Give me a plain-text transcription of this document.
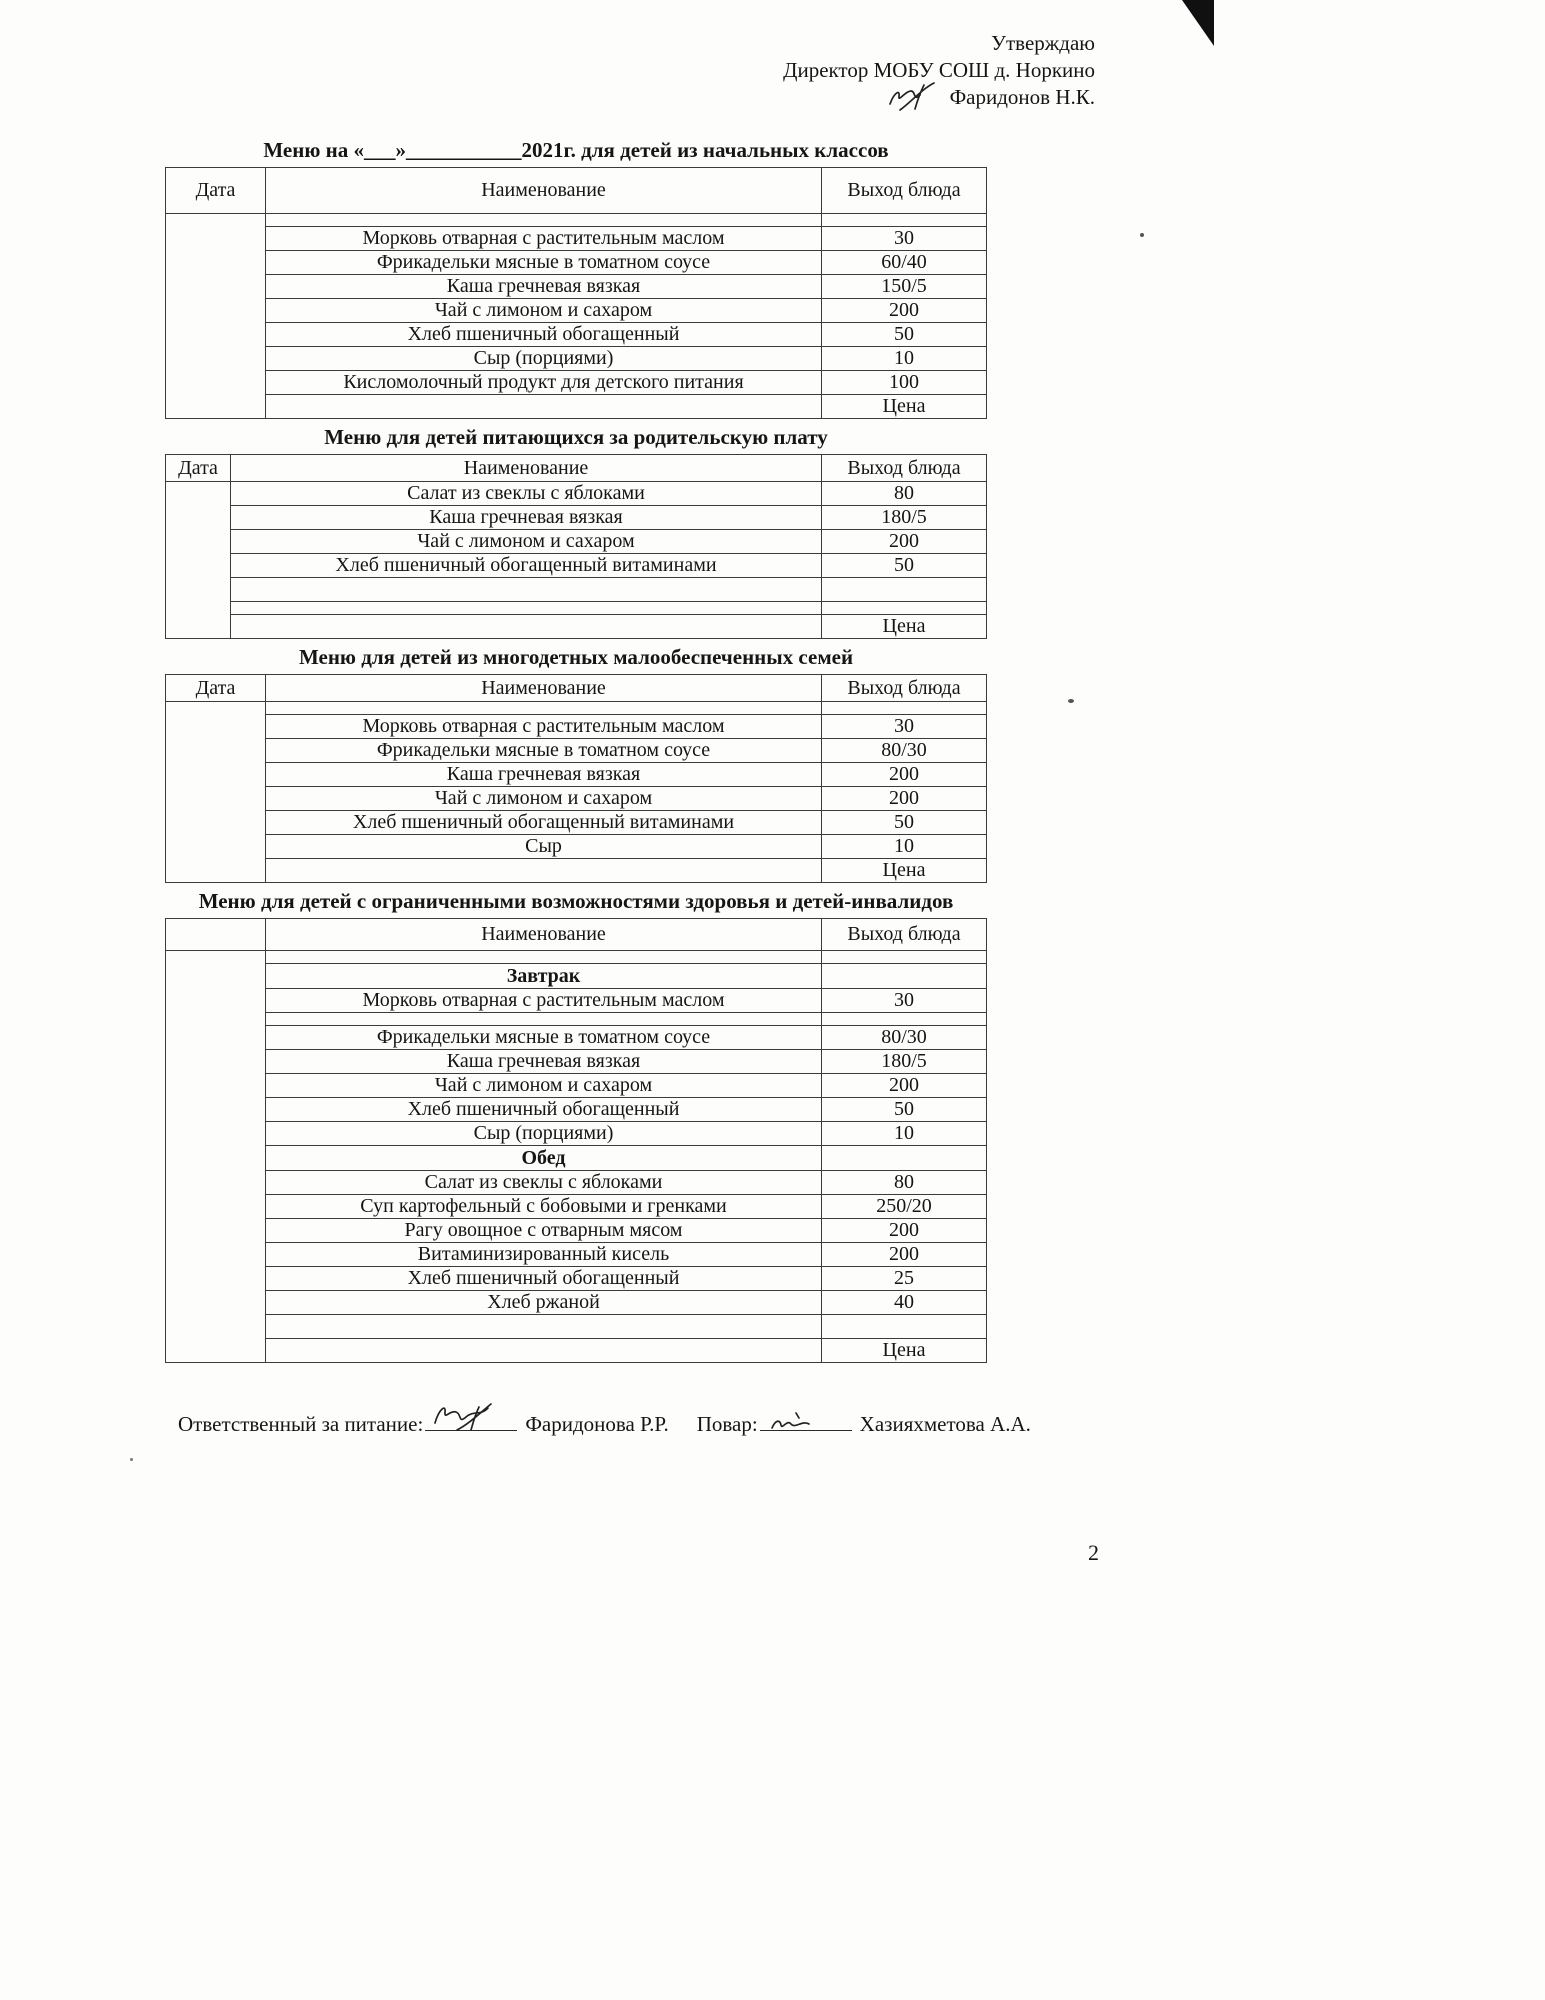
Утверждаю
Директор МОБУ СОШ д. Норкино
Фаридонов Н.К.
Меню на «___»___________2021г. для детей из начальных классов
Дата	Наименование	Выход блюда

	Морковь отварная с растительным маслом	30
	Фрикадельки мясные в томатном соусе	60/40
	Каша гречневая вязкая	150/5
	Чай с лимоном и сахаром	200
	Хлеб пшеничный обогащенный	50
	Сыр (порциями)	10
	Кисломолочный продукт для детского питания	100
		Цена
Меню для детей питающихся за родительскую плату
Дата	Наименование	Выход блюда
	Салат из свеклы с яблоками	80
	Каша гречневая вязкая	180/5
	Чай с лимоном и сахаром	200
	Хлеб пшеничный обогащенный витаминами	50

		Цена
Меню для детей из многодетных малообеспеченных семей
Дата	Наименование	Выход блюда

	Морковь отварная с растительным маслом	30
	Фрикадельки мясные в томатном соусе	80/30
	Каша гречневая вязкая	200
	Чай с лимоном и сахаром	200
	Хлеб пшеничный обогащенный витаминами	50
	Сыр	10
		Цена
Меню для детей с ограниченными возможностями здоровья и детей-инвалидов
	Наименование	Выход блюда

	Завтрак	
	Морковь отварная с растительным маслом	30

	Фрикадельки мясные в томатном соусе	80/30
	Каша гречневая вязкая	180/5
	Чай с лимоном и сахаром	200
	Хлеб пшеничный обогащенный	50
	Сыр (порциями)	10
	Обед	
	Салат из свеклы с яблоками	80
	Суп картофельный с бобовыми и гренками	250/20
	Рагу овощное с отварным мясом	200
	Витаминизированный кисель	200
	Хлеб пшеничный обогащенный	25
	Хлеб ржаной	40

		Цена
Ответственный за питание:	Фаридонова Р.Р. Повар:	Хазияхметова А.А.
2
